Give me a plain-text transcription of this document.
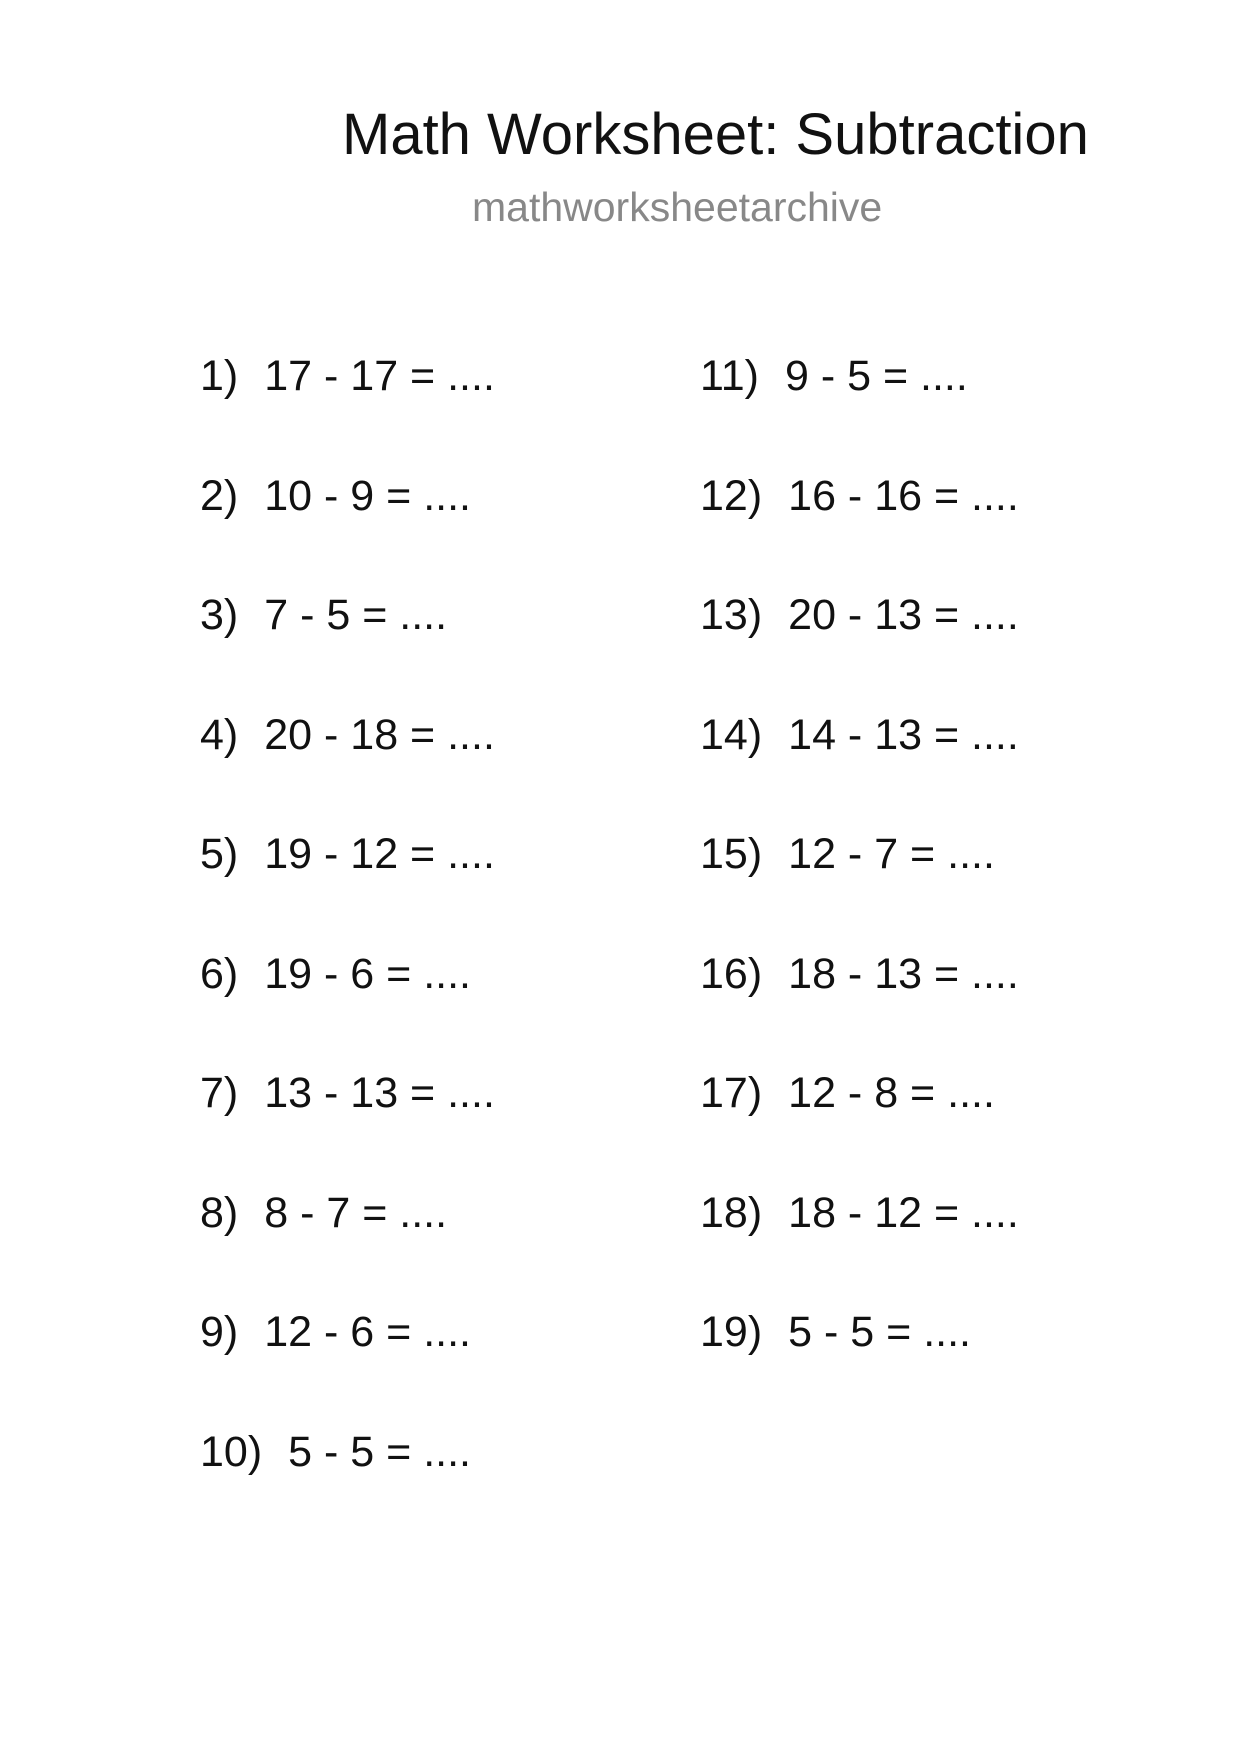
Math Worksheet: Subtraction
mathworksheetarchive
1) 17 - 17 = ....
2) 10 - 9 = ....
3) 7 - 5 = ....
4) 20 - 18 = ....
5) 19 - 12 = ....
6) 19 - 6 = ....
7) 13 - 13 = ....
8) 8 - 7 = ....
9) 12 - 6 = ....
10) 5 - 5 = ....
11) 9 - 5 = ....
12) 16 - 16 = ....
13) 20 - 13 = ....
14) 14 - 13 = ....
15) 12 - 7 = ....
16) 18 - 13 = ....
17) 12 - 8 = ....
18) 18 - 12 = ....
19) 5 - 5 = ....
